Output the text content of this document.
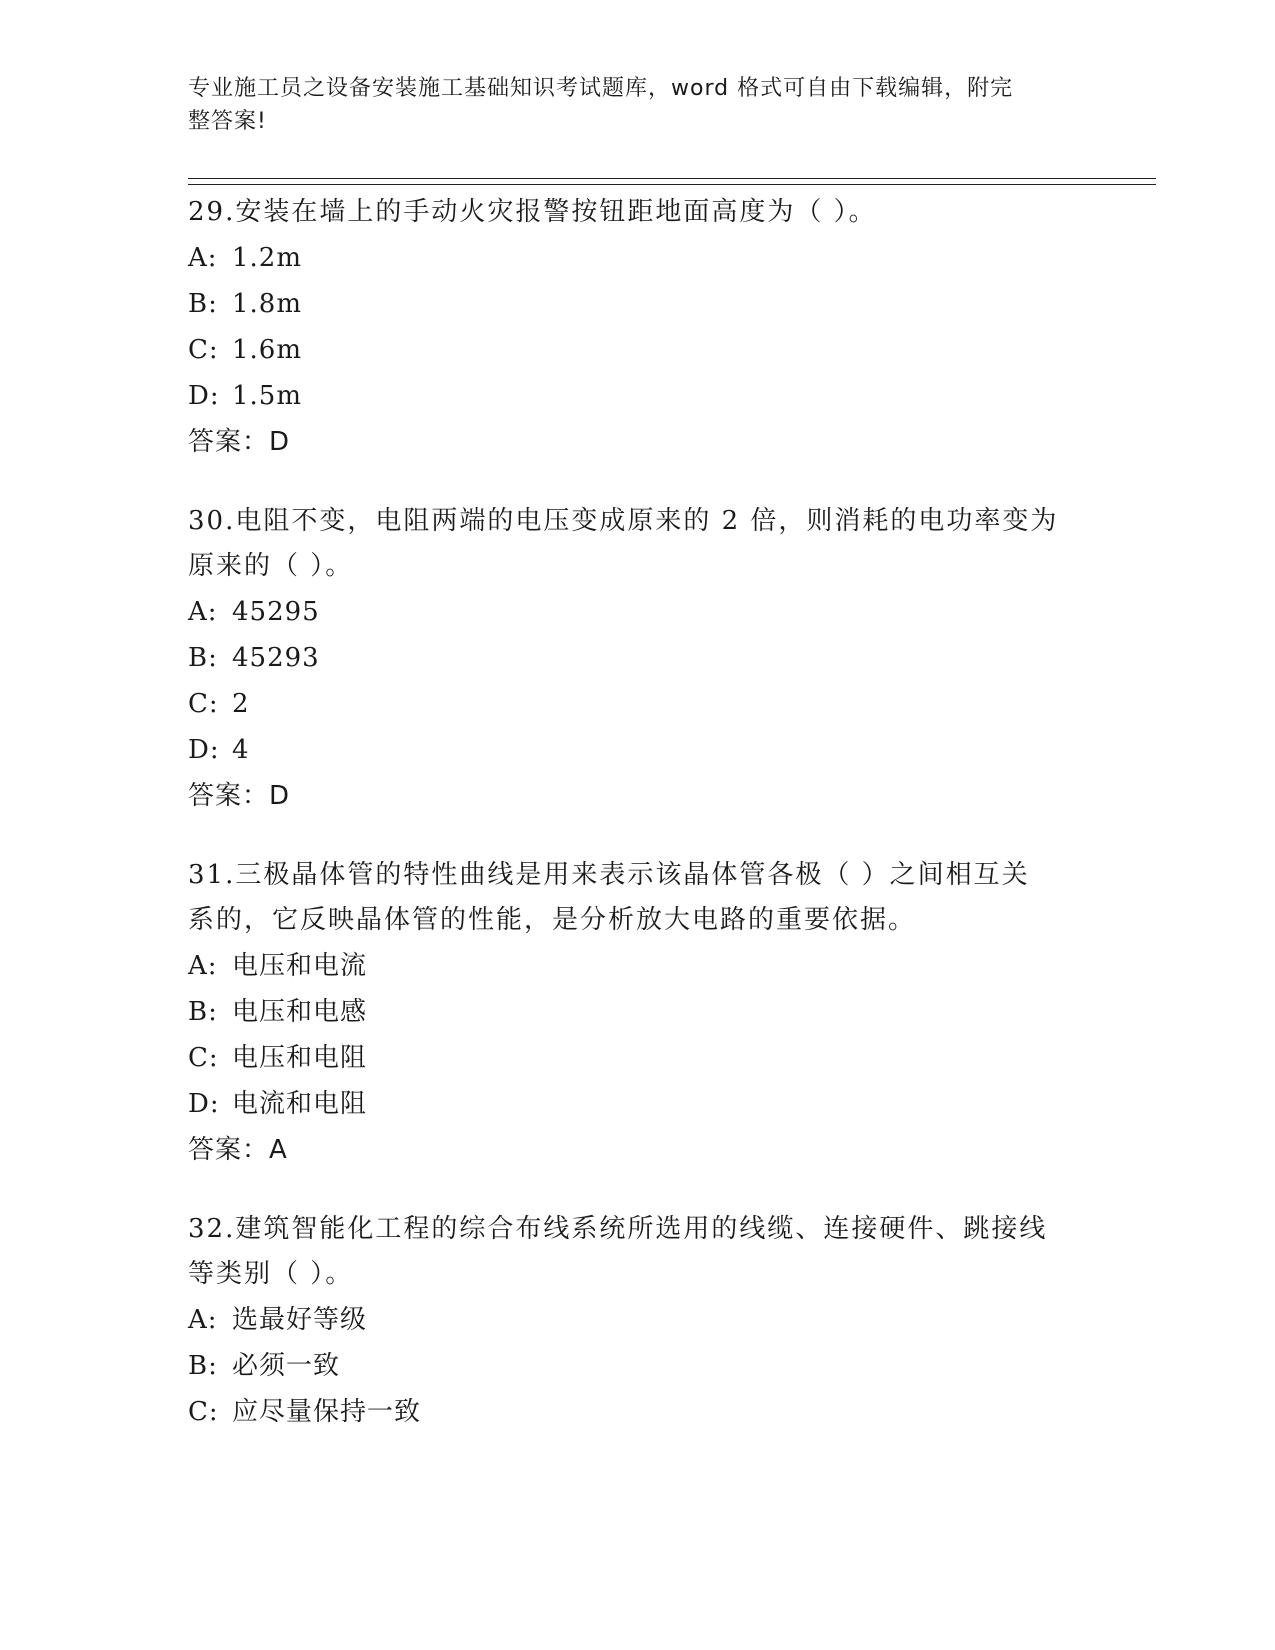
专业施工员之设备安装施工基础知识考试题库，word 格式可自由下载编辑，附完
整答案!

29.安装在墙上的手动火灾报警按钮距地面高度为（ ）。

A: 1.2m

B: 1.8m

C: 1.6m

D: 1.5m

答案：D

30.电阻不变，电阻两端的电压变成原来的 2 倍，则消耗的电功率变为

原来的（ ）。

A: 45295

B: 45293

C: 2

D: 4

答案：D

31.三极晶体管的特性曲线是用来表示该晶体管各极（ ）之间相互关

系的，它反映晶体管的性能，是分析放大电路的重要依据。

A: 电压和电流

B: 电压和电感

C: 电压和电阻

D: 电流和电阻

答案：A

32.建筑智能化工程的综合布线系统所选用的线缆、连接硬件、跳接线

等类别（ ）。

A: 选最好等级

B: 必须一致

C: 应尽量保持一致
